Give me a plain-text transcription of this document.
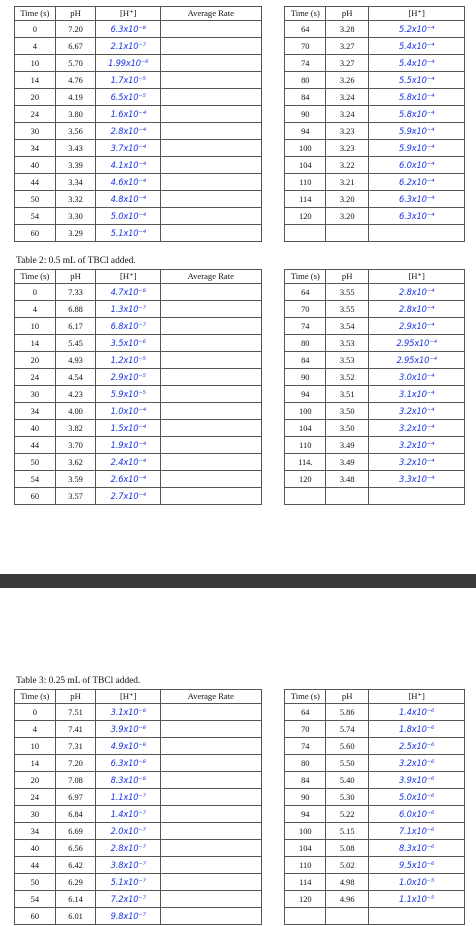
Time (s)	pH	[H⁺]	Average Rate		Time (s)	pH	[H⁺]
0	7.20	6.3x10⁻⁸			64	3.28	5.2x10⁻⁴
4	6.67	2.1x10⁻⁷			70	3.27	5.4x10⁻⁴
10	5.70	1.99x10⁻⁶			74	3.27	5.4x10⁻⁴
14	4.76	1.7x10⁻⁵			80	3.26	5.5x10⁻⁴
20	4.19	6.5x10⁻⁵			84	3.24	5.8x10⁻⁴
24	3.80	1.6x10⁻⁴			90	3.24	5.8x10⁻⁴
30	3.56	2.8x10⁻⁴			94	3.23	5.9x10⁻⁴
34	3.43	3.7x10⁻⁴			100	3.23	5.9x10⁻⁴
40	3.39	4.1x10⁻⁴			104	3.22	6.0x10⁻⁴
44	3.34	4.6x10⁻⁴			110	3.21	6.2x10⁻⁴
50	3.32	4.8x10⁻⁴			114	3.20	6.3x10⁻⁴
54	3.30	5.0x10⁻⁴			120	3.20	6.3x10⁻⁴
60	3.29	5.1x10⁻⁴					
Table 2: 0.5 mL of TBCl added.
Time (s)	pH	[H⁺]	Average Rate		Time (s)	pH	[H⁺]
0	7.33	4.7x10⁻⁸			64	3.55	2.8x10⁻⁴
4	6.88	1.3x10⁻⁷			70	3.55	2.8x10⁻⁴
10	6.17	6.8x10⁻⁷			74	3.54	2.9x10⁻⁴
14	5.45	3.5x10⁻⁶			80	3.53	2.95x10⁻⁴
20	4.93	1.2x10⁻⁵			84	3.53	2.95x10⁻⁴
24	4.54	2.9x10⁻⁵			90	3.52	3.0x10⁻⁴
30	4.23	5.9x10⁻⁵			94	3.51	3.1x10⁻⁴
34	4.00	1.0x10⁻⁴			100	3.50	3.2x10⁻⁴
40	3.82	1.5x10⁻⁴			104	3.50	3.2x10⁻⁴
44	3.70	1.9x10⁻⁴			110	3.49	3.2x10⁻⁴
50	3.62	2.4x10⁻⁴			114.	3.49	3.2x10⁻⁴
54	3.59	2.6x10⁻⁴			120	3.48	3.3x10⁻⁴
60	3.57	2.7x10⁻⁴					
Table 3: 0.25 mL of TBCl added.
Time (s)	pH	[H⁺]	Average Rate		Time (s)	pH	[H⁺]
0	7.51	3.1x10⁻⁸			64	5.86	1.4x10⁻⁶
4	7.41	3.9x10⁻⁸			70	5.74	1.8x10⁻⁶
10	7.31	4.9x10⁻⁸			74	5.60	2.5x10⁻⁶
14	7.20	6.3x10⁻⁸			80	5.50	3.2x10⁻⁶
20	7.08	8.3x10⁻⁸			84	5.40	3.9x10⁻⁶
24	6.97	1.1x10⁻⁷			90	5.30	5.0x10⁻⁶
30	6.84	1.4x10⁻⁷			94	5.22	6.0x10⁻⁶
34	6.69	2.0x10⁻⁷			100	5.15	7.1x10⁻⁶
40	6.56	2.8x10⁻⁷			104	5.08	8.3x10⁻⁶
44	6.42	3.8x10⁻⁷			110	5.02	9.5x10⁻⁶
50	6.29	5.1x10⁻⁷			114	4.98	1.0x10⁻⁵
54	6.14	7.2x10⁻⁷			120	4.96	1.1x10⁻⁵
60	6.01	9.8x10⁻⁷					
